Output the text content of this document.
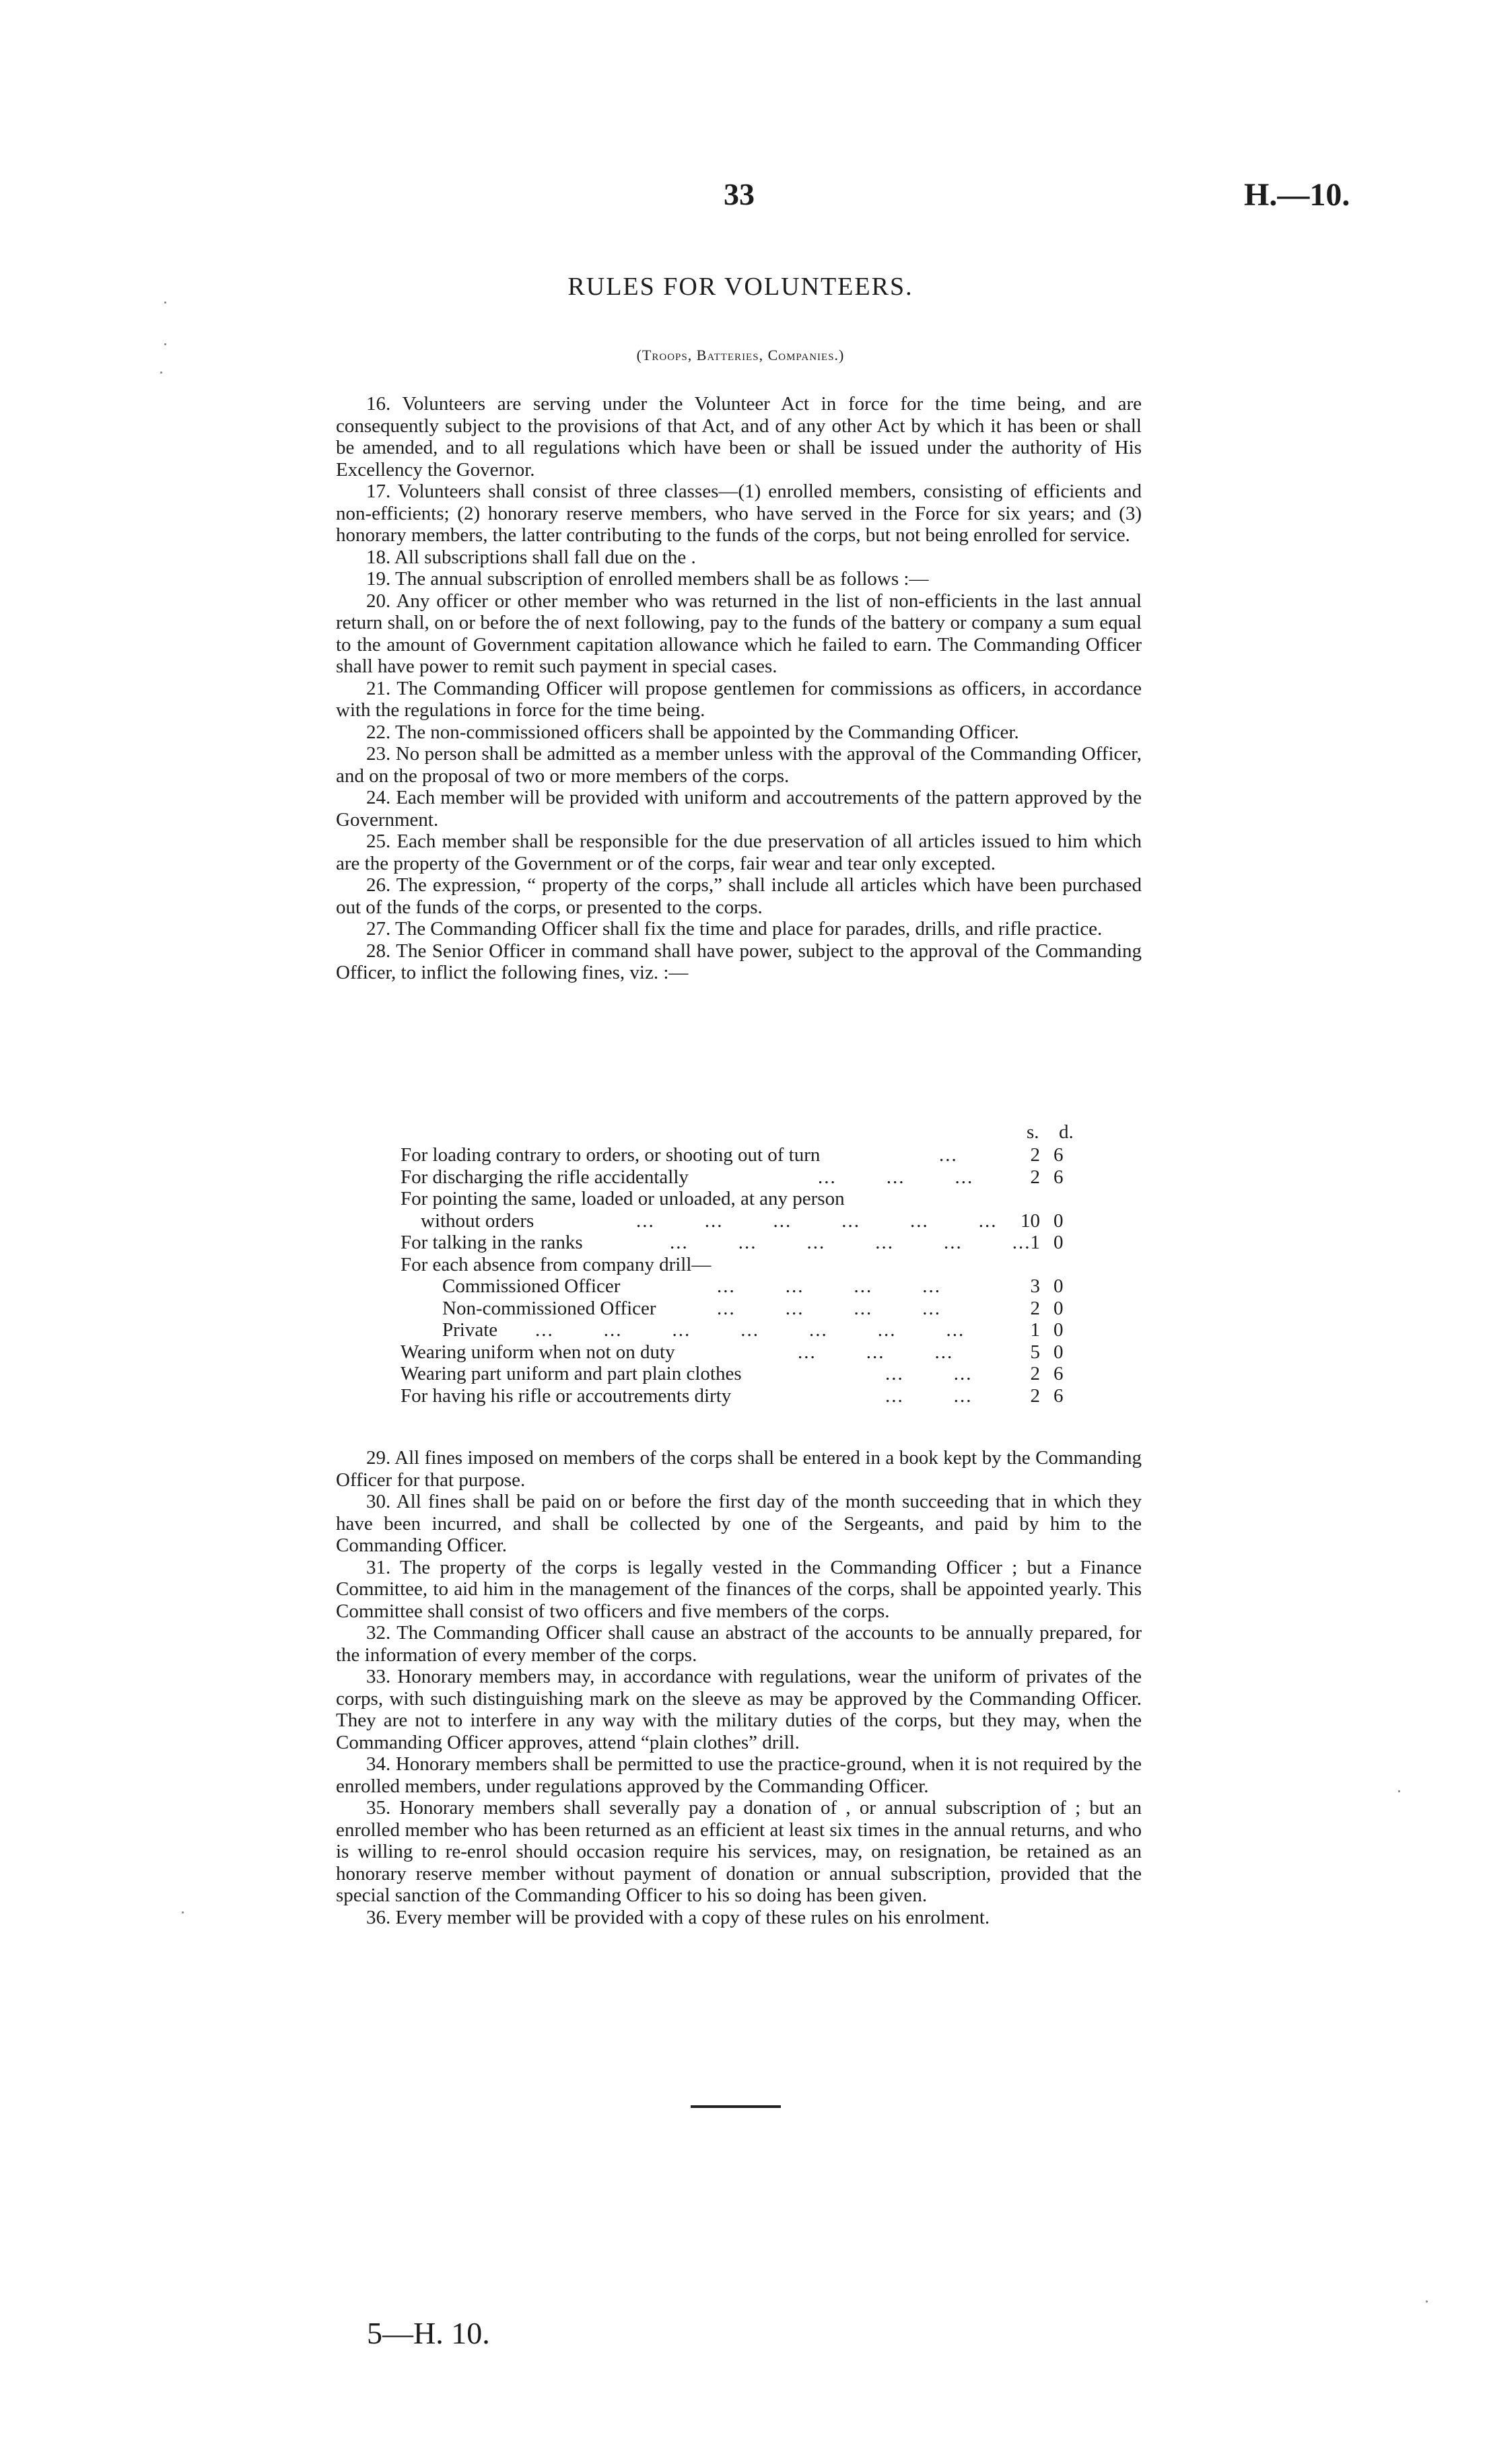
33	H.—10.
RULES FOR VOLUNTEERS.
(Troops, Batteries, Companies.)

16. Volunteers are serving under the Volunteer Act in force for the time being, and are consequently subject to the provisions of that Act, and of any other Act by which it has been or shall be amended, and to all regulations which have been or shall be issued under the authority of His Excellency the Governor.

17. Volunteers shall consist of three classes—(1) enrolled members, consisting of efficients and non-efficients; (2) honorary reserve members, who have served in the Force for six years; and (3) honorary members, the latter contributing to the funds of the corps, but not being enrolled for service.

18. All subscriptions shall fall due on the .

19. The annual subscription of enrolled members shall be as follows :—

20. Any officer or other member who was returned in the list of non-efficients in the last annual return shall, on or before the of next following, pay to the funds of the battery or company a sum equal to the amount of Government capitation allowance which he failed to earn. The Commanding Officer shall have power to remit such payment in special cases.

21. The Commanding Officer will propose gentlemen for commissions as officers, in accordance with the regulations in force for the time being.

22. The non-commissioned officers shall be appointed by the Commanding Officer.

23. No person shall be admitted as a member unless with the approval of the Commanding Officer, and on the proposal of two or more members of the corps.

24. Each member will be provided with uniform and accoutrements of the pattern approved by the Government.

25. Each member shall be responsible for the due preservation of all articles issued to him which are the property of the Government or of the corps, fair wear and tear only excepted.

26. The expression, “ property of the corps,” shall include all articles which have been purchased out of the funds of the corps, or presented to the corps.

27. The Commanding Officer shall fix the time and place for parades, drills, and rifle practice.

28. The Senior Officer in command shall have power, subject to the approval of the Commanding Officer, to inflict the following fines, viz. :—

s. d.
For loading contrary to orders, or shooting out of turn	...	2 6
For discharging the rifle accidentally	...        ...        ...	2 6
For pointing the same, loaded or unloaded, at any person
without orders	...        ...        ...        ...        ...        ...	10 0
For talking in the ranks	...        ...        ...        ...        ...        ... 1 0
For each absence from company drill—
Commissioned Officer	...        ...        ...        ...	3 0
Non-commissioned Officer	...        ...        ...        ...	2 0
Private ...        ...        ...        ...        ...        ...        ...	1 0
Wearing uniform when not on duty	...        ...        ...	5 0
Wearing part uniform and part plain clothes	...        ...	2 6
For having his rifle or accoutrements dirty	...        ...	2 6

29. All fines imposed on members of the corps shall be entered in a book kept by the Commanding Officer for that purpose.

30. All fines shall be paid on or before the first day of the month succeeding that in which they have been incurred, and shall be collected by one of the Sergeants, and paid by him to the Commanding Officer.

31. The property of the corps is legally vested in the Commanding Officer ; but a Finance Committee, to aid him in the management of the finances of the corps, shall be appointed yearly. This Committee shall consist of two officers and five members of the corps.

32. The Commanding Officer shall cause an abstract of the accounts to be annually prepared, for the information of every member of the corps.

33. Honorary members may, in accordance with regulations, wear the uniform of privates of the corps, with such distinguishing mark on the sleeve as may be approved by the Commanding Officer. They are not to interfere in any way with the military duties of the corps, but they may, when the Commanding Officer approves, attend “plain clothes” drill.

34. Honorary members shall be permitted to use the practice-ground, when it is not required by the enrolled members, under regulations approved by the Commanding Officer.

35. Honorary members shall severally pay a donation of , or annual subscription of ; but an enrolled member who has been returned as an efficient at least six times in the annual returns, and who is willing to re-enrol should occasion require his services, may, on resignation, be retained as an honorary reserve member without payment of donation or annual subscription, provided that the special sanction of the Commanding Officer to his so doing has been given.

36. Every member will be provided with a copy of these rules on his enrolment.

5—H. 10.
